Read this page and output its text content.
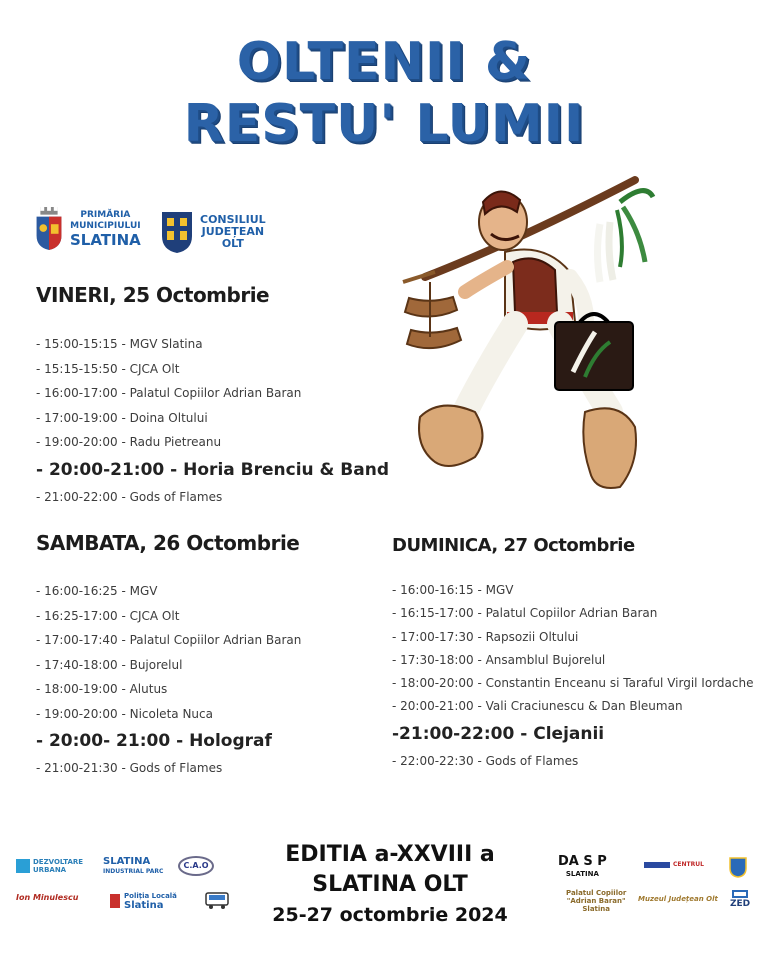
OLTENII &
RESTU' LUMII
PRIMĂRIA
MUNICIPIULUI
SLATINA
CONSILIUL
JUDEȚEAN
OLT
VINERI, 25 Octombrie
- 15:00-15:15 - MGV Slatina
- 15:15-15:50 - CJCA Olt
- 16:00-17:00 - Palatul Copiilor Adrian Baran
- 17:00-19:00 - Doina Oltului
- 19:00-20:00 - Radu Pietreanu
- 20:00-21:00 - Horia Brenciu & Band
- 21:00-22:00 - Gods of Flames
SAMBATA, 26 Octombrie
- 16:00-16:25 - MGV
- 16:25-17:00 - CJCA Olt
- 17:00-17:40 - Palatul Copiilor Adrian Baran
- 17:40-18:00 - Bujorelul
- 18:00-19:00 - Alutus
- 19:00-20:00 - Nicoleta Nuca
- 20:00- 21:00 - Holograf
- 21:00-21:30 - Gods of Flames
DUMINICA, 27 Octombrie
- 16:00-16:15 - MGV
- 16:15-17:00 - Palatul Copiilor Adrian Baran
- 17:00-17:30 - Rapsozii Oltului
- 17:30-18:00 - Ansamblul Bujorelul
- 18:00-20:00 - Constantin Enceanu si Taraful Virgil Iordache
- 20:00-21:00 - Vali Craciunescu & Dan Bleuman
-21:00-22:00 - Clejanii
- 22:00-22:30 - Gods of Flames
EDITIA a-XXVIII a
SLATINA OLT
25-27 octombrie 2024
DEZVOLTARE URBANA
SLATINA
INDUSTRIAL PARC
C.A.O
Ion Minulescu	Poliția Locală
Slatina
DA S P
SLATINA
CENTRUL
Palatul Copiilor
"Adrian Baran"
Slatina
Muzeul Județean Olt ZED
